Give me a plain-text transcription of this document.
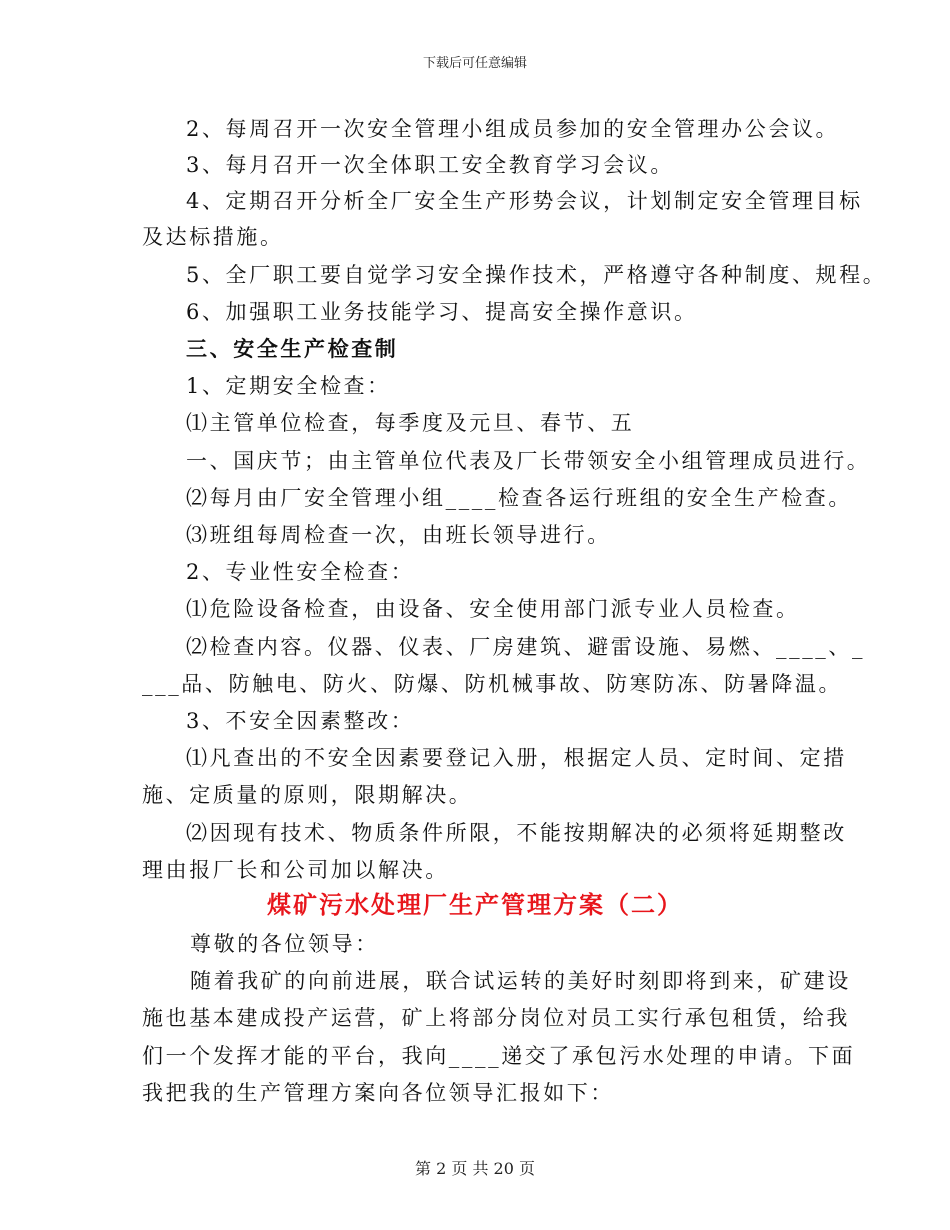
下载后可任意编辑
2、每周召开一次安全管理小组成员参加的安全管理办公会议。
3、每月召开一次全体职工安全教育学习会议。
4、定期召开分析全厂安全生产形势会议，计划制定安全管理目标
及达标措施。
5、全厂职工要自觉学习安全操作技术，严格遵守各种制度、规程。
6、加强职工业务技能学习、提高安全操作意识。
三、安全生产检查制
1、定期安全检查：
⑴主管单位检查，每季度及元旦、春节、五
一、国庆节；由主管单位代表及厂长带领安全小组管理成员进行。
⑵每月由厂安全管理小组____检查各运行班组的安全生产检查。
⑶班组每周检查一次，由班长领导进行。
2、专业性安全检查：
⑴危险设备检查，由设备、安全使用部门派专业人员检查。
⑵检查内容。仪器、仪表、厂房建筑、避雷设施、易燃、____、_
___品、防触电、防火、防爆、防机械事故、防寒防冻、防暑降温。
3、不安全因素整改：
⑴凡查出的不安全因素要登记入册，根据定人员、定时间、定措
施、定质量的原则，限期解决。
⑵因现有技术、物质条件所限，不能按期解决的必须将延期整改
理由报厂长和公司加以解决。
煤矿污水处理厂生产管理方案（二）
尊敬的各位领导：
随着我矿的向前进展，联合试运转的美好时刻即将到来，矿建设
施也基本建成投产运营，矿上将部分岗位对员工实行承包租赁，给我
们一个发挥才能的平台，我向____递交了承包污水处理的申请。下面
我把我的生产管理方案向各位领导汇报如下：
第 2 页 共 20 页
